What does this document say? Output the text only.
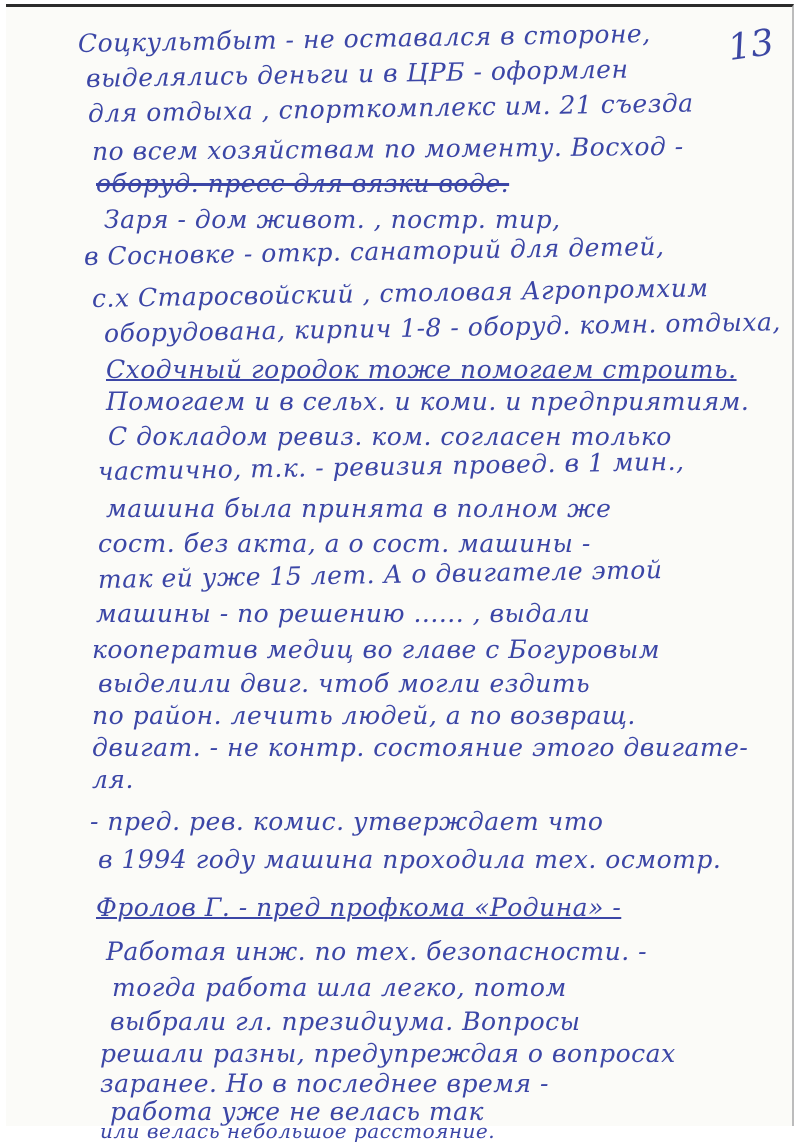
13
Соцкультбыт - не оставался в стороне,
выделялись деньги и в ЦРБ - оформлен
для отдыха , спорткомплекс им. 21 съезда
по всем хозяйствам по моменту. Восход -
оборуд. пресс для вязки воде.
Заря - дом живот. , постр. тир,
в Сосновке - откр. санаторий для детей,
с.х Старосвойский , столовая Агропромхим
оборудована, кирпич 1-8 - оборуд. комн. отдыха,
Сходчный городок тоже помогаем строить.
Помогаем и в сельх. и коми. и предприятиям.
С докладом ревиз. ком. согласен только
частично, т.к. - ревизия провед. в 1 мин.,
машина была принята в полном же
сост. без акта, а о сост. машины -
так ей уже 15 лет. А о двигателе этой
машины - по решению ...... , выдали
кооператив медиц во главе с Богуровым
выделили двиг. чтоб могли ездить
по район. лечить людей, а по возвращ.
двигат. - не контр. состояние этого двигате-
ля.
- пред. рев. комис. утверждает что
в 1994 году машина проходила тех. осмотр.
Фролов Г. - пред профкома «Родина» -
Работая инж. по тех. безопасности. -
тогда работа шла легко, потом
выбрали гл. президиума. Вопросы
решали разны, предупреждая о вопросах
заранее. Но в последнее время -
работа уже не велась так
или велась небольшое расстояние.
